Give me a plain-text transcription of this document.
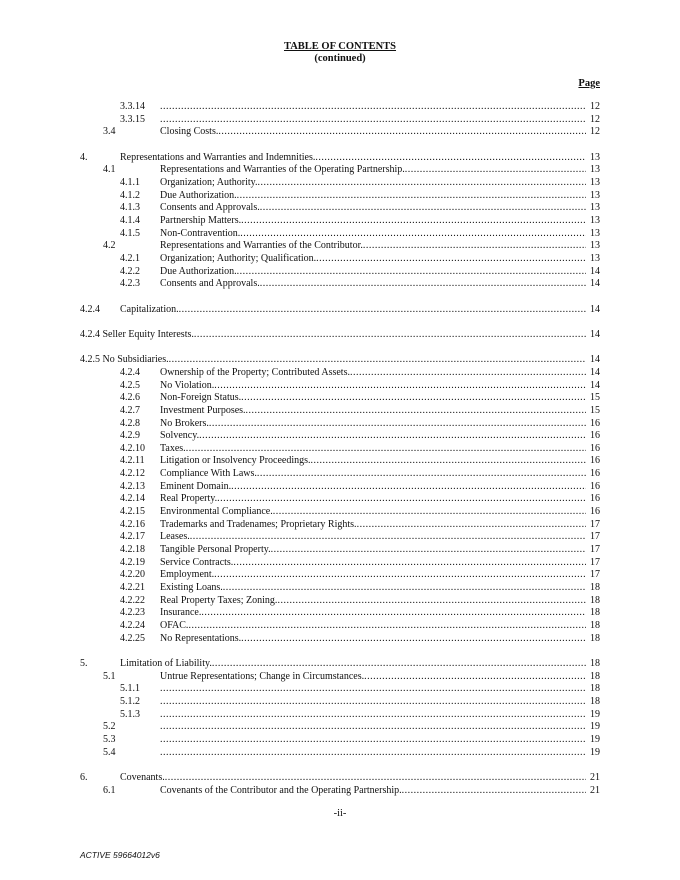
TABLE OF CONTENTS
(continued)
Page
3.3.14 .....	12
3.3.15 .....	12
3.4	Closing Costs. .....	12
4.	Representations and Warranties and Indemnities. .....	13
4.1	Representations and Warranties of the Operating Partnership. .....	13
4.1.1 Organization; Authority. .....	13
4.1.2 Due Authorization. .....	13
4.1.3 Consents and Approvals. .....	13
4.1.4 Partnership Matters. .....	13
4.1.5 Non-Contravention. .....	13
4.2	Representations and Warranties of the Contributor. .....	13
4.2.1 Organization; Authority; Qualification. .....	13
4.2.2 Due Authorization. .....	14
4.2.3 Consents and Approvals. .....	14
4.2.4 Capitalization. .....	14
4.2.4 Seller Equity Interests. .....	14
4.2.5 No Subsidiaries. .....	14
4.2.4 Ownership of the Property; Contributed Assets. .....	14
4.2.5 No Violation. .....	14
4.2.6 Non-Foreign Status. .....	15
4.2.7 Investment Purposes. .....	15
4.2.8 No Brokers. .....	16
4.2.9 Solvency. .....	16
4.2.10 Taxes. .....	16
4.2.11 Litigation or Insolvency Proceedings. .....	16
4.2.12 Compliance With Laws. .....	16
4.2.13 Eminent Domain. .....	16
4.2.14 Real Property. .....	16
4.2.15 Environmental Compliance. .....	16
4.2.16 Trademarks and Tradenames; Proprietary Rights. .....	17
4.2.17 Leases. .....	17
4.2.18 Tangible Personal Property. .....	17
4.2.19 Service Contracts. .....	17
4.2.20 Employment. .....	17
4.2.21 Existing Loans. .....	18
4.2.22 Real Property Taxes; Zoning. .....	18
4.2.23 Insurance. .....	18
4.2.24 OFAC. .....	18
4.2.25 No Representations. .....	18
5.	Limitation of Liability. .....	18
5.1	Untrue Representations; Change in Circumstances. .....	18
5.1.1 .....	18
5.1.2 .....	18
5.1.3 .....	19
5.2 .....	19
5.3 .....	19
5.4 .....	19
6.	Covenants. .....	21
6.1	Covenants of the Contributor and the Operating Partnership. .....	21
-ii-
ACTIVE 59664012v6
